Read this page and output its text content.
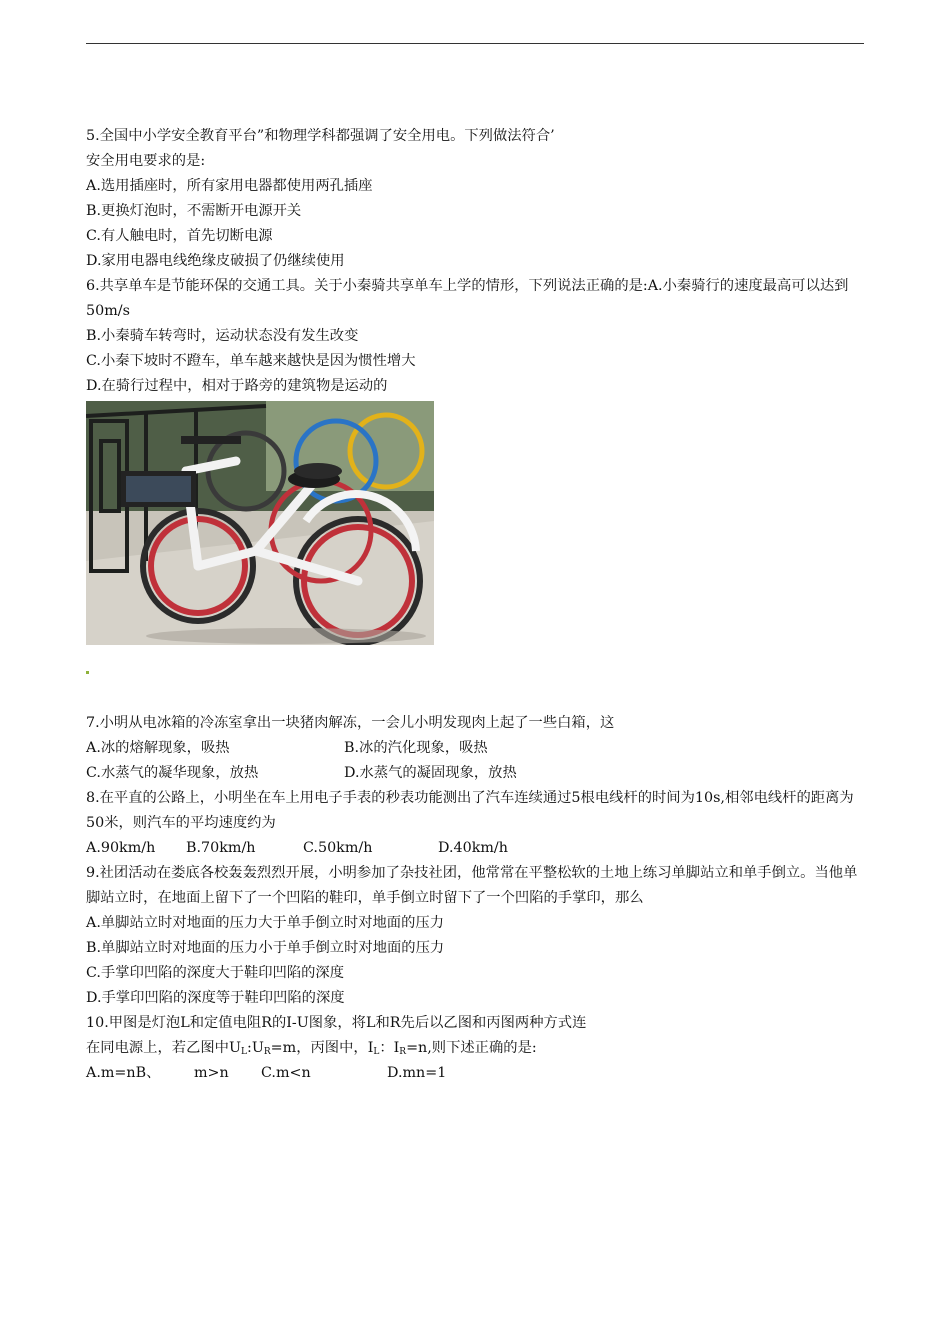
5.全国中小学安全教育平台”和物理学科都强调了安全用电。下列做法符合’
安全用电要求的是:
A.选用插座时，所有家用电器都使用两孔插座
B.更换灯泡时，不需断开电源开关
C.有人触电时，首先切断电源
D.家用电器电线绝缘皮破损了仍继续使用
6.共享单车是节能环保的交通工具。关于小秦骑共享单车上学的情形，下列说法正确的是:A.小秦骑行的速度最高可以达到50m/s
B.小秦骑车转弯时，运动状态没有发生改变
C.小秦下坡时不蹬车，单车越来越快是因为惯性增大
D.在骑行过程中，相对于路旁的建筑物是运动的
7.小明从电冰箱的冷冻室拿出一块猪肉解冻，一会儿小明发现肉上起了一些白箱，这
A.冰的熔解现象，吸热	B.冰的汽化现象，吸热
C.水蒸气的凝华现象，放热	D.水蒸气的凝固现象，放热
8.在平直的公路上，小明坐在车上用电子手表的秒表功能测出了汽车连续通过5根电线杆的时间为10s,相邻电线杆的距离为50米，则汽车的平均速度约为
A.90km/h	B.70km/h	C.50km/h	D.40km/h
9.社团活动在娄底各校轰轰烈烈开展，小明参加了杂技社团，他常常在平整松软的土地上练习单脚站立和单手倒立。当他单脚站立时，在地面上留下了一个凹陷的鞋印，单手倒立时留下了一个凹陷的手掌印，那么
A.单脚站立时对地面的压力大于单手倒立时对地面的压力
B.单脚站立时对地面的压力小于单手倒立时对地面的压力
C.手掌印凹陷的深度大于鞋印凹陷的深度
D.手掌印凹陷的深度等于鞋印凹陷的深度
10.甲图是灯泡L和定值电阻R的I-U图象，将L和R先后以乙图和丙图两种方式连
在同电源上，若乙图中$U_L:U_R=m$，丙图中，$I_L$：$I_R=n$,则下述正确的是:
A.m=nB、	m>n	C.m<n	D.mn=1
